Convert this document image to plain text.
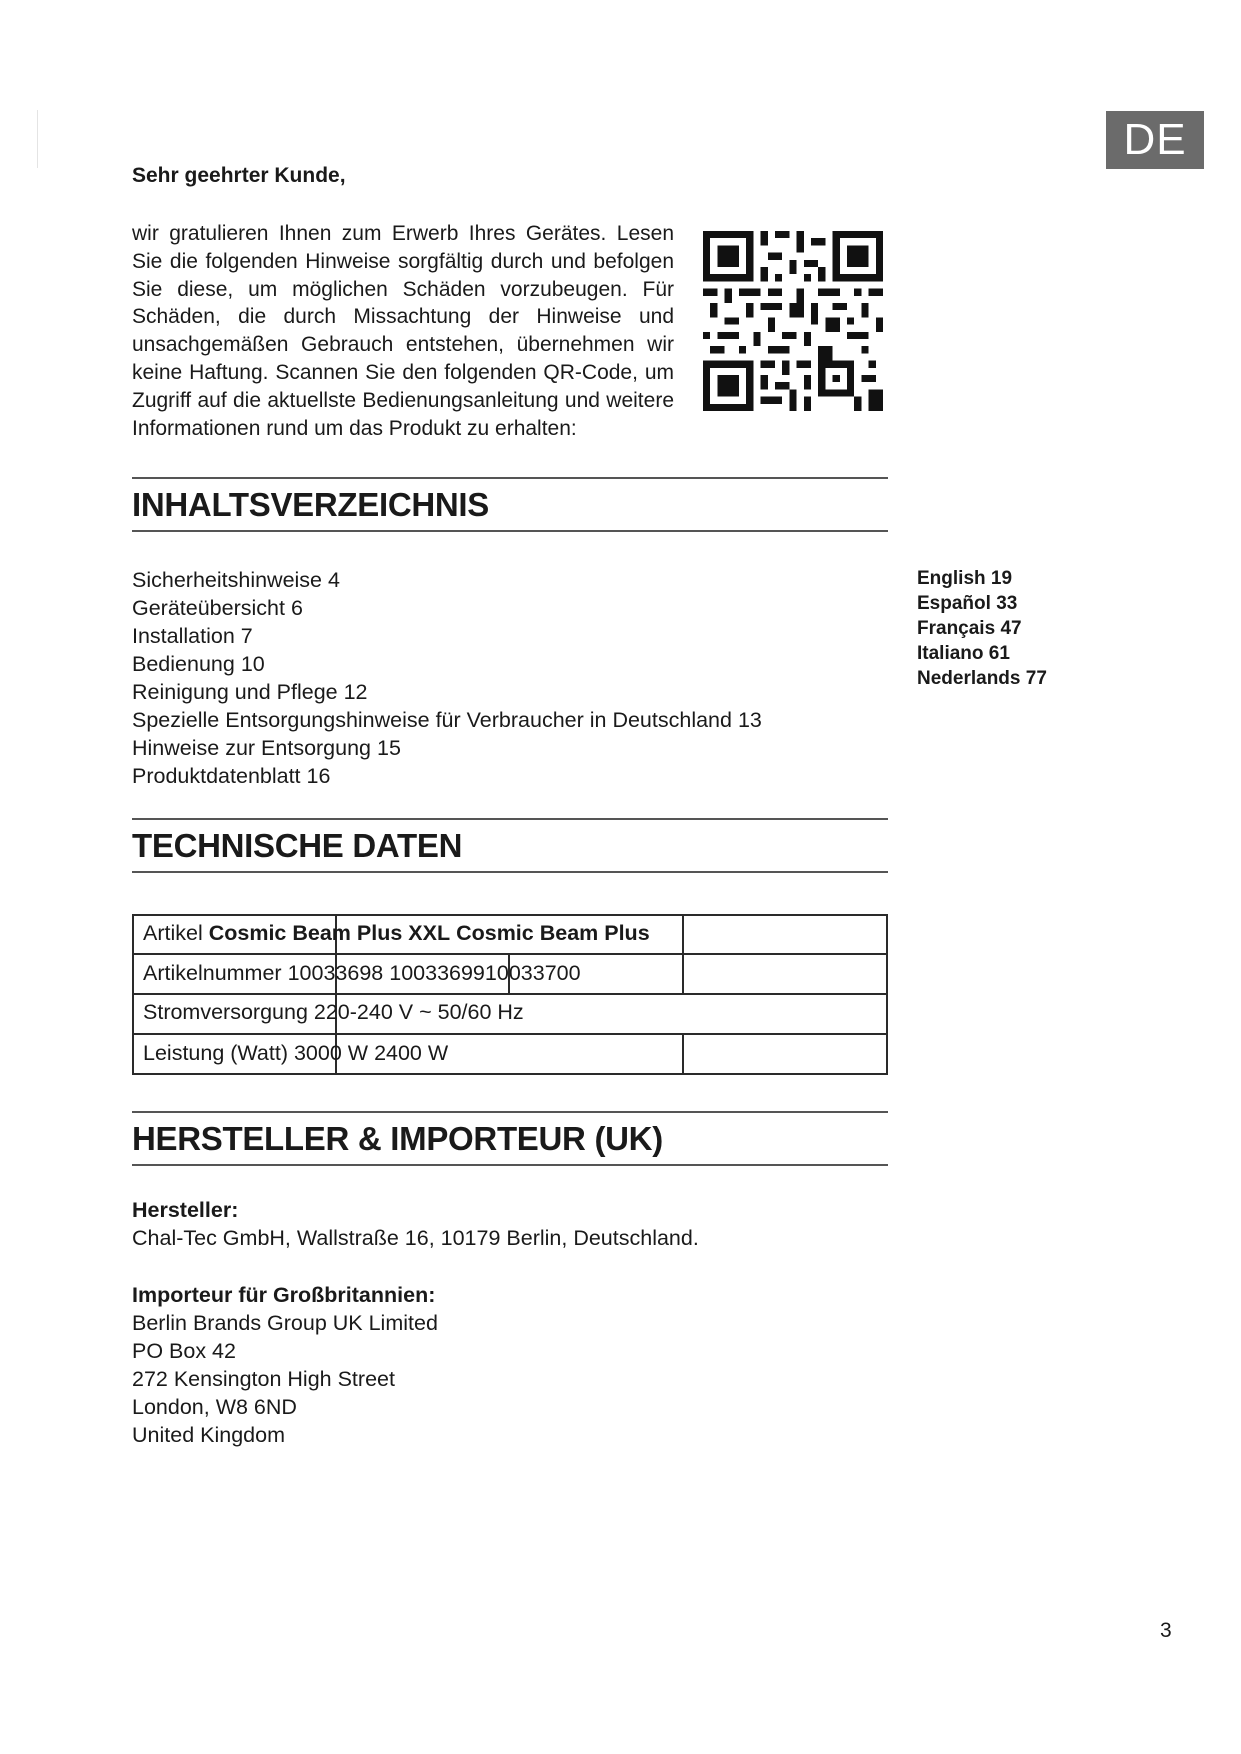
DE
Sehr geehrter Kunde,

wir gratulieren Ihnen zum Erwerb Ihres Gerätes. Lesen Sie die folgenden Hinweise sorgfältig durch und befolgen Sie diese, um möglichen Schäden vorzubeugen. Für Schäden, die durch Missachtung der Hinweise und unsachgemäßen Gebrauch entstehen, übernehmen wir keine Haftung. Scannen Sie den folgenden QR-Code, um Zugriff auf die aktuellste Bedienungsanleitung und weitere Informationen rund um das Produkt zu erhalten:

INHALTSVERZEICHNIS
Sicherheitshinweise 4
Geräteübersicht 6
Installation 7
Bedienung 10
Reinigung und Pflege 12
Spezielle Entsorgungshinweise für Verbraucher in Deutschland 13
Hinweise zur Entsorgung 15
Produktdatenblatt 16
English 19
Español 33
Français 47
Italiano 61
Nederlands 77
TECHNISCHE DATEN
Artikel Cosmic Beam Plus XXL Cosmic Beam Plus
Artikelnummer 10033698 1003369910033700
Stromversorgung 220-240 V ~ 50/60 Hz
Leistung (Watt) 3000 W 2400 W
HERSTELLER & IMPORTEUR (UK)
Hersteller:
Chal-Tec GmbH, Wallstraße 16, 10179 Berlin, Deutschland.
Importeur für Großbritannien:
Berlin Brands Group UK Limited
PO Box 42
272 Kensington High Street
London, W8 6ND
United Kingdom
3
